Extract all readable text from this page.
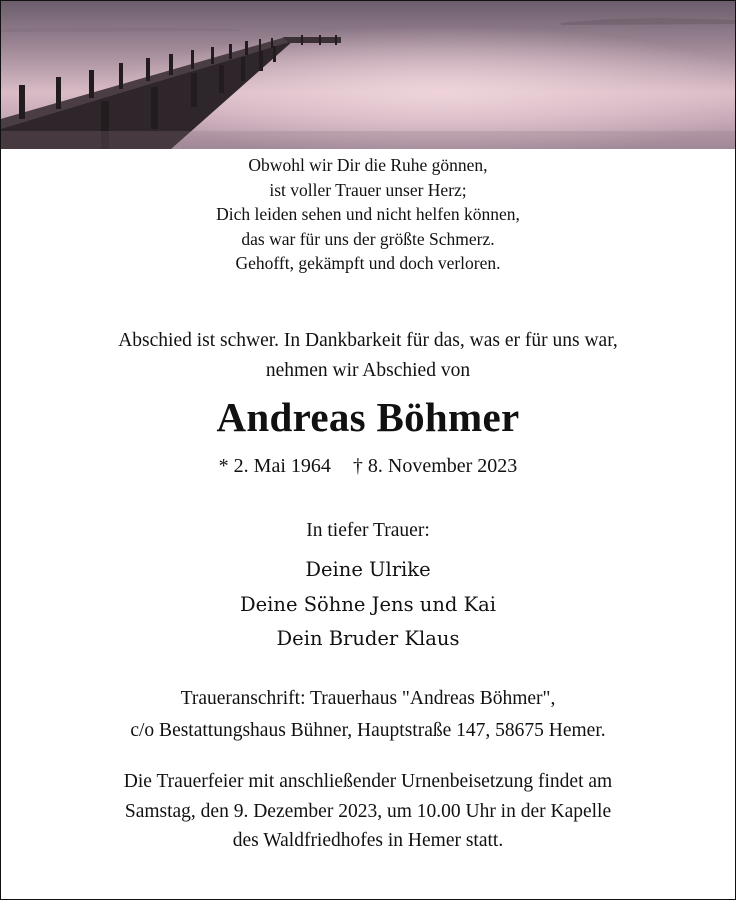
Obwohl wir Dir die Ruhe gönnen,
ist voller Trauer unser Herz;
Dich leiden sehen und nicht helfen können,
das war für uns der größte Schmerz.
Gehofft, gekämpft und doch verloren.
Abschied ist schwer. In Dankbarkeit für das, was er für uns war,
nehmen wir Abschied von
Andreas Böhmer
* 2. Mai 1964 † 8. November 2023
In tiefer Trauer:
Deine Ulrike
Deine Söhne Jens und Kai
Dein Bruder Klaus
Traueranschrift: Trauerhaus "Andreas Böhmer",
c/o Bestattungshaus Bühner, Hauptstraße 147, 58675 Hemer.
Die Trauerfeier mit anschließender Urnenbeisetzung findet am
Samstag, den 9. Dezember 2023, um 10.00 Uhr in der Kapelle
des Waldfriedhofes in Hemer statt.
